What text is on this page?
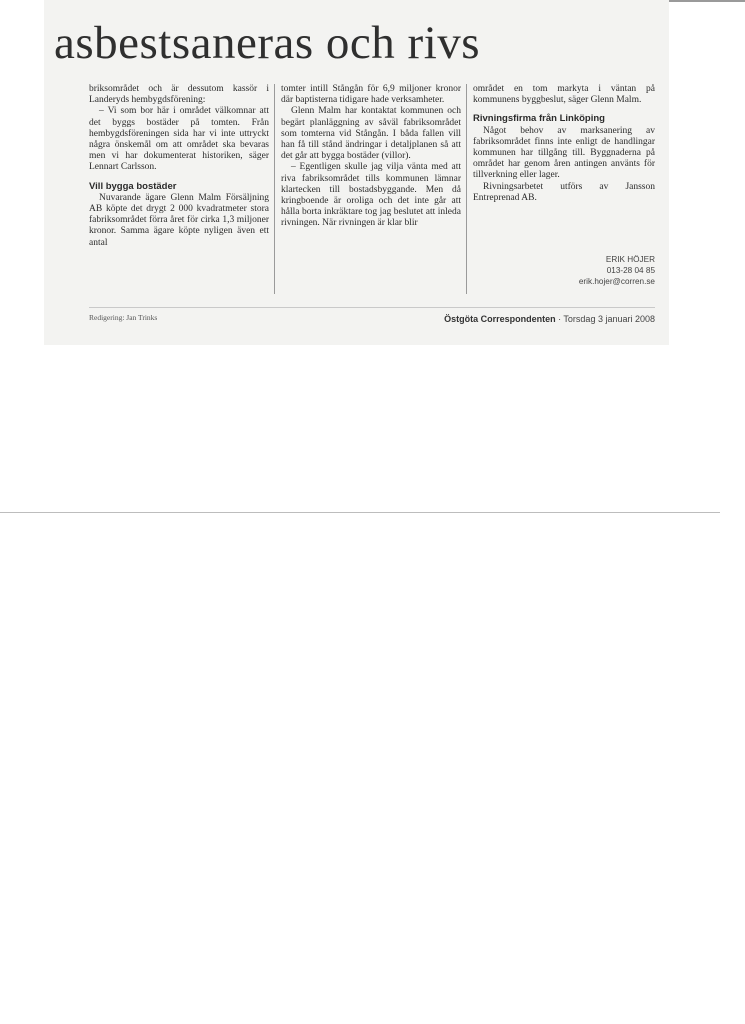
asbestsaneras och rivs

briksområdet och är dessutom kassör i Landeryds hembygdsförening:

– Vi som bor här i området välkomnar att det byggs bostäder på tomten. Från hembygdsföreningen sida har vi inte uttryckt några önskemål om att området ska bevaras men vi har dokumenterat historiken, säger Lennart Carlsson.

Vill bygga bostäder

Nuvarande ägare Glenn Malm Försäljning AB köpte det drygt 2 000 kvadratmeter stora fabriksområdet förra året för cirka 1,3 miljoner kronor. Samma ägare köpte nyligen även ett antal

tomter intill Stångån för 6,9 miljoner kronor där baptisterna tidigare hade verksamheter.

Glenn Malm har kontaktat kommunen och begärt planläggning av såväl fabriksområdet som tomterna vid Stångån. I båda fallen vill han få till stånd ändringar i detaljplanen så att det går att bygga bostäder (villor).

– Egentligen skulle jag vilja vänta med att riva fabriksområdet tills kommunen lämnar klartecken till bostadsbyggande. Men då kringboende är oroliga och det inte går att hålla borta inkräktare tog jag beslutet att inleda rivningen. När rivningen är klar blir

området en tom markyta i väntan på kommunens byggbeslut, säger Glenn Malm.

Rivningsfirma från Linköping

Något behov av marksanering av fabriksområdet finns inte enligt de handlingar kommunen har tillgång till. Byggnaderna på området har genom åren antingen använts för tillverkning eller lager.

Rivningsarbetet utförs av Jansson Entreprenad AB.

ERIK HÖJER
013-28 04 85
erik.hojer@corren.se
Redigering: Jan Trinks	Östgöta Correspondenten · Torsdag 3 januari 2008
